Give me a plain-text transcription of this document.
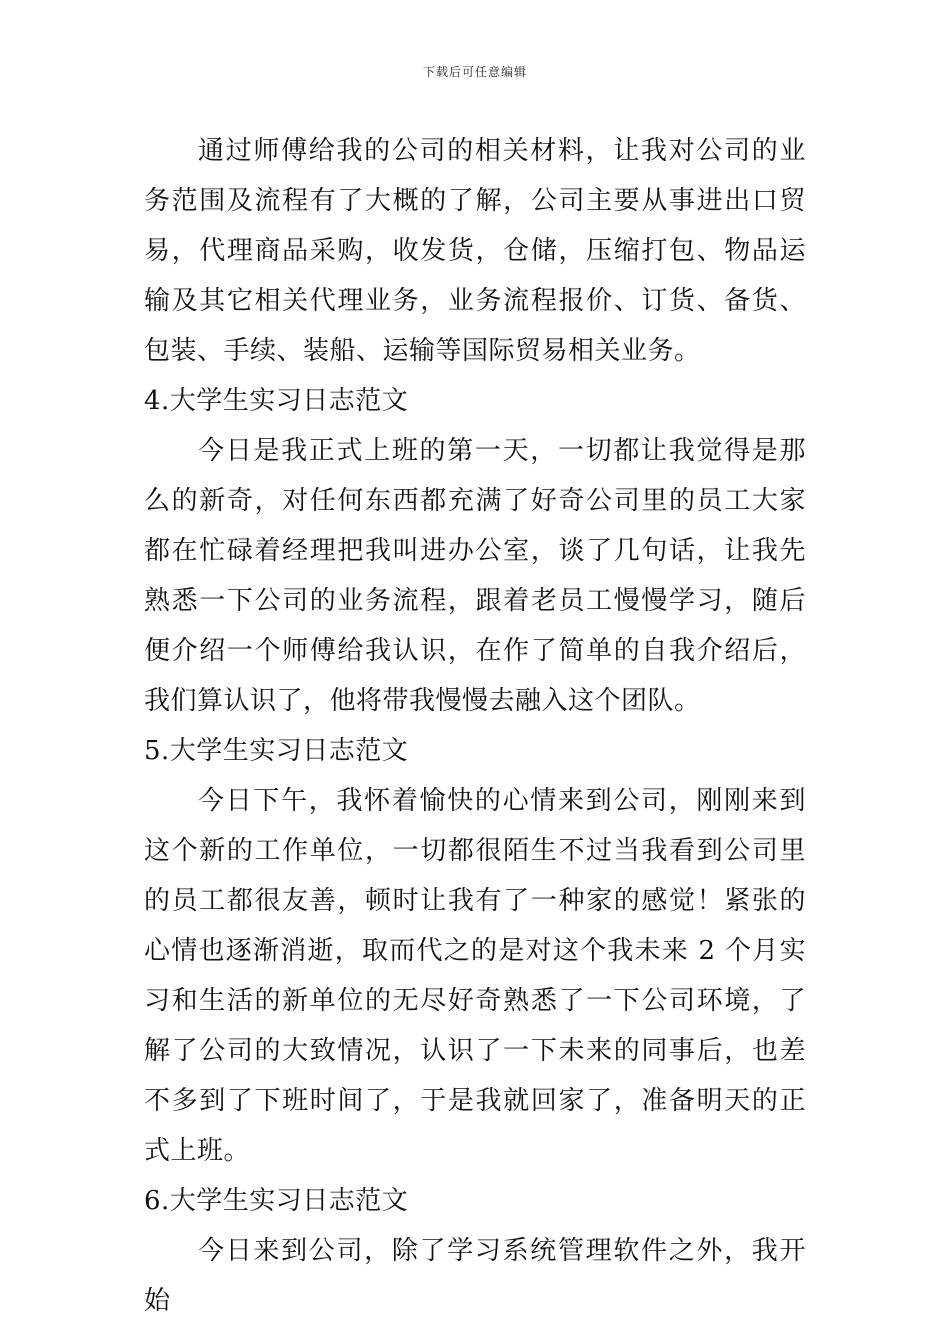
下载后可任意编辑

通过师傅给我的公司的相关材料，让我对公司的业务范围及流程有了大概的了解，公司主要从事进出口贸易，代理商品采购，收发货，仓储，压缩打包、物品运输及其它相关代理业务，业务流程报价、订货、备货、包装、手续、装船、运输等国际贸易相关业务。

4.大学生实习日志范文

今日是我正式上班的第一天，一切都让我觉得是那么的新奇，对任何东西都充满了好奇公司里的员工大家都在忙碌着经理把我叫进办公室，谈了几句话，让我先熟悉一下公司的业务流程，跟着老员工慢慢学习，随后便介绍一个师傅给我认识，在作了简单的自我介绍后，我们算认识了，他将带我慢慢去融入这个团队。

5.大学生实习日志范文

今日下午，我怀着愉快的心情来到公司，刚刚来到这个新的工作单位，一切都很陌生不过当我看到公司里的员工都很友善，顿时让我有了一种家的感觉！紧张的心情也逐渐消逝，取而代之的是对这个我未来 2 个月实习和生活的新单位的无尽好奇熟悉了一下公司环境，了解了公司的大致情况，认识了一下未来的同事后，也差不多到了下班时间了，于是我就回家了，准备明天的正式上班。

6.大学生实习日志范文

今日来到公司，除了学习系统管理软件之外，我开始
